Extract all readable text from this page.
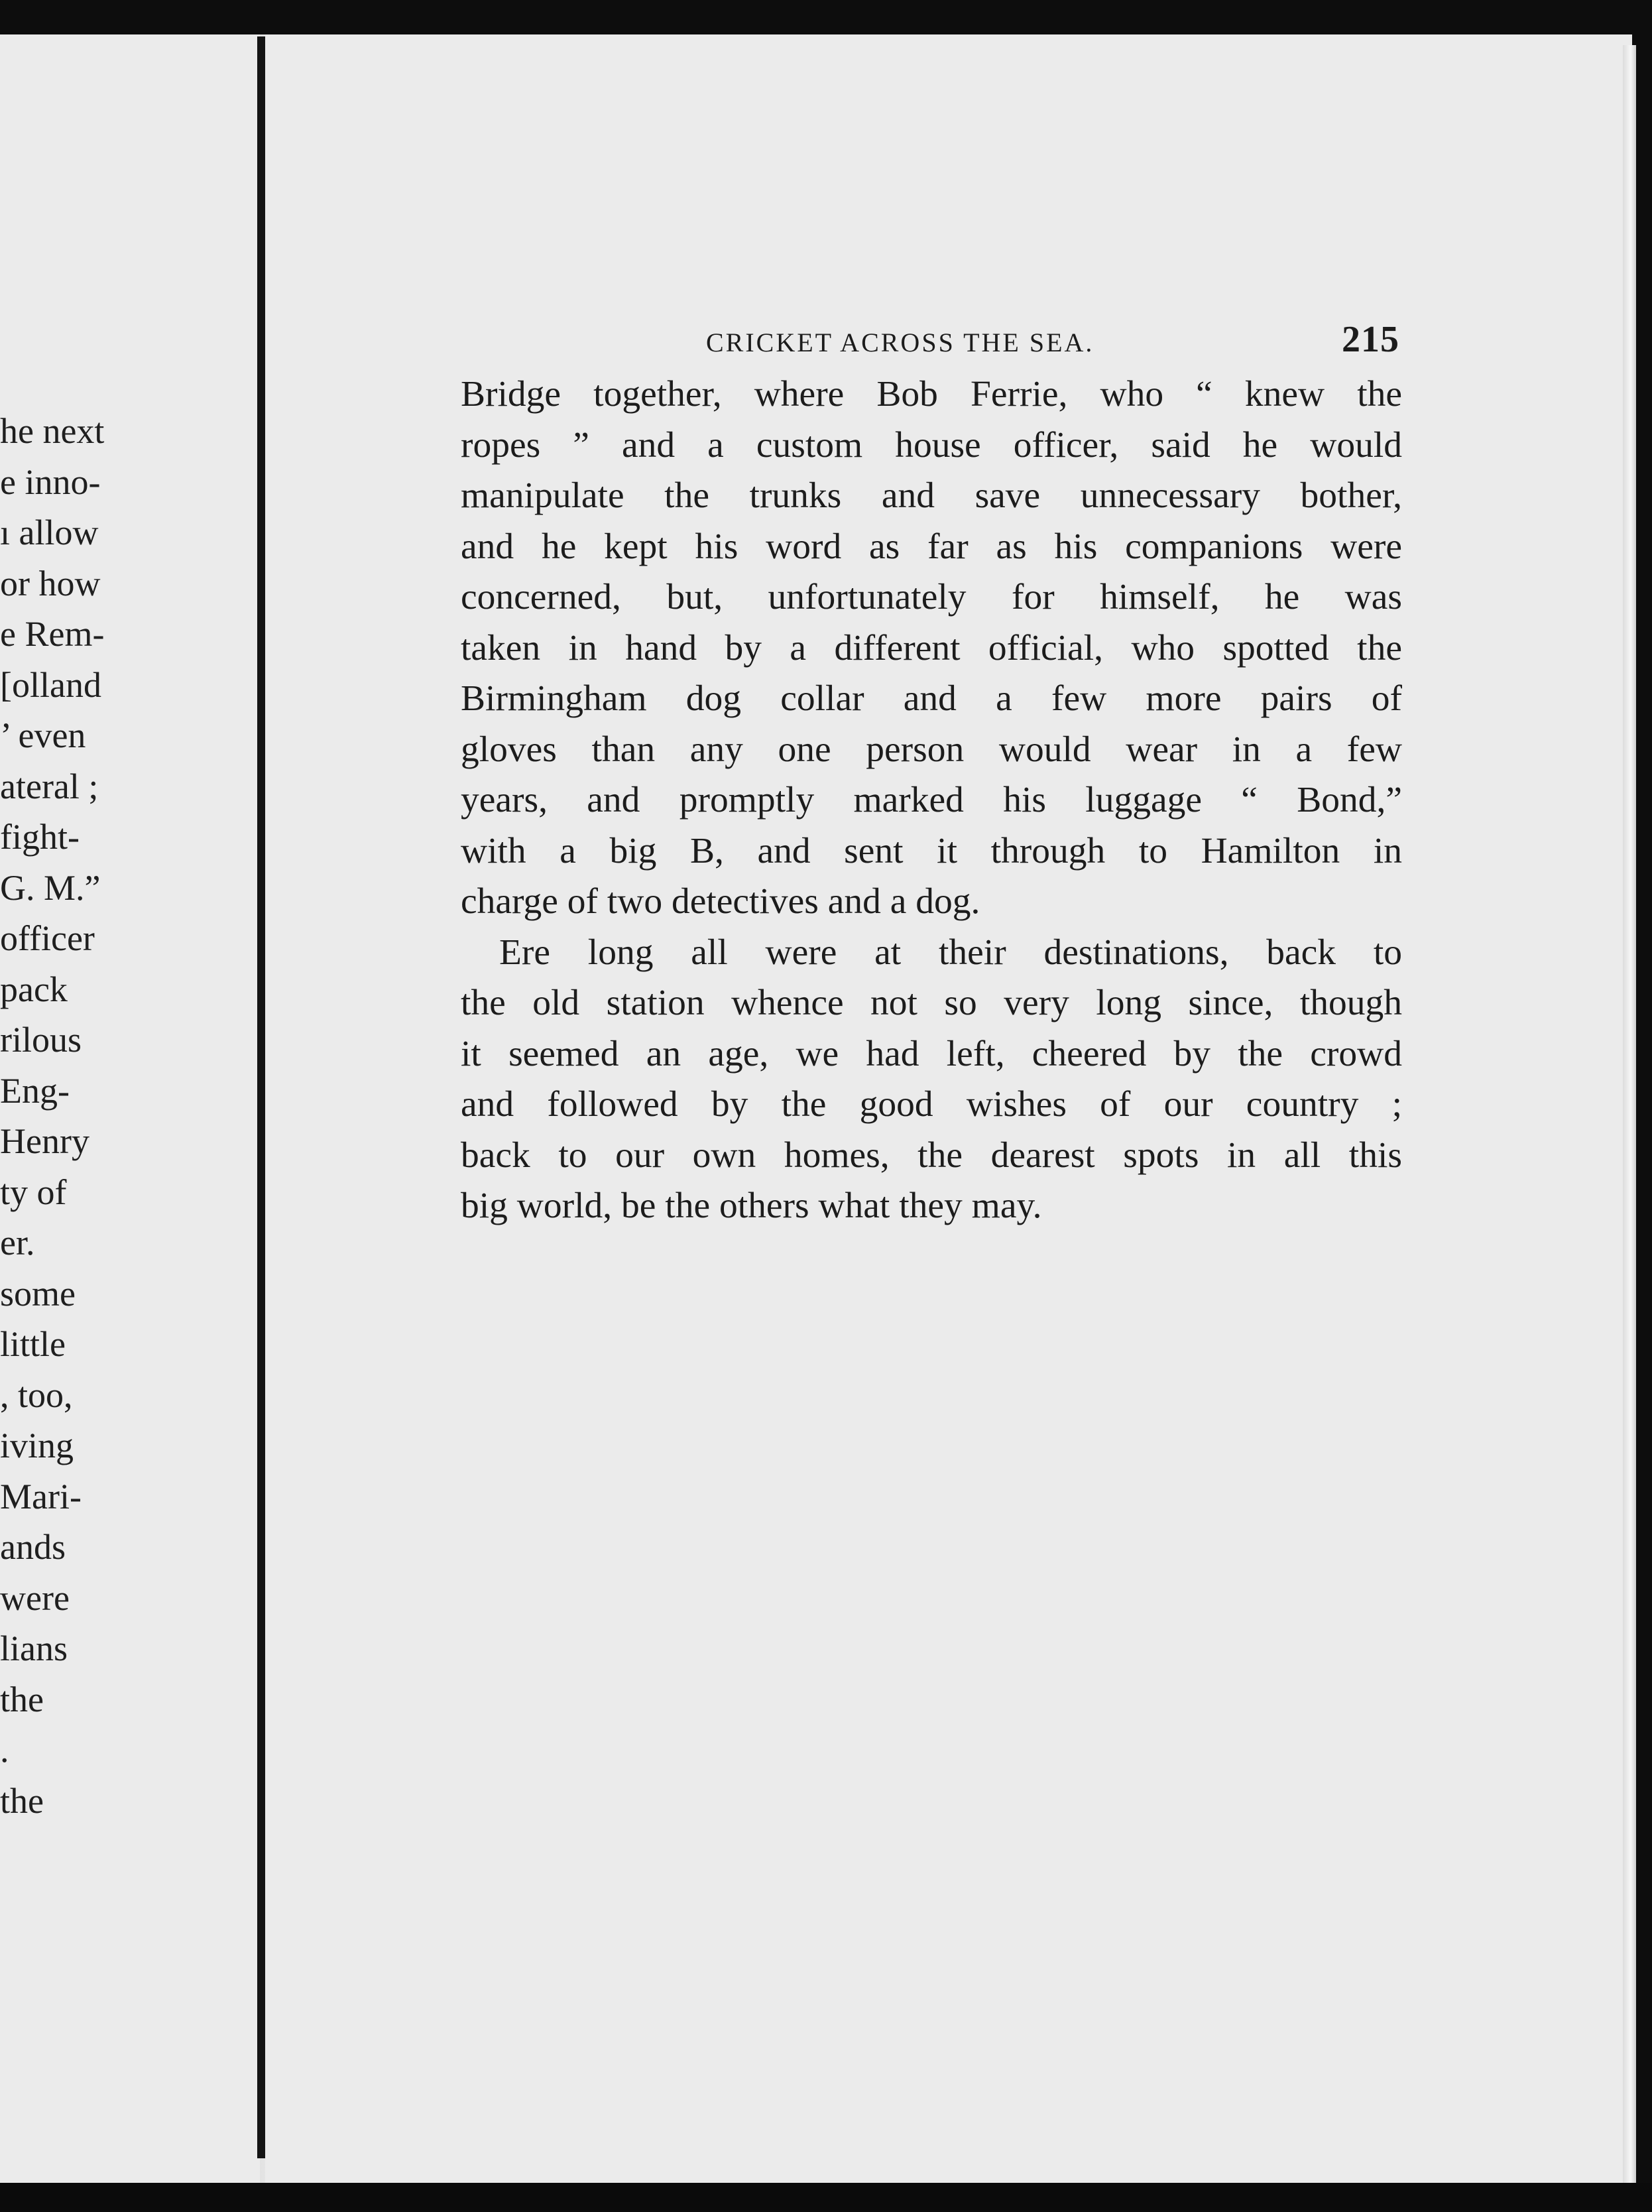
he next
e inno-
ı allow
or how
e Rem-
[olland
’ even
ateral ;
fight-
G. M.”
officer
pack
rilous
Eng-
Henry
ty of
er.
some
little
, too,
iving
Mari-
ands
were
lians
the
.
the
CRICKET ACROSS THE SEA.	215
Bridge together, where Bob Ferrie, who “ knew the
ropes ” and a custom house officer, said he would
manipulate the trunks and save unnecessary bother,
and he kept his word as far as his companions were
concerned, but, unfortunately for himself, he was
taken in hand by a different official, who spotted the
Birmingham dog collar and a few more pairs of
gloves than any one person would wear in a few
years, and promptly marked his luggage “ Bond,”
with a big B, and sent it through to Hamilton in
charge of two detectives and a dog.
Ere long all were at their destinations, back to
the old station whence not so very long since, though
it seemed an age, we had left, cheered by the crowd
and followed by the good wishes of our country ;
back to our own homes, the dearest spots in all this
big world, be the others what they may.
